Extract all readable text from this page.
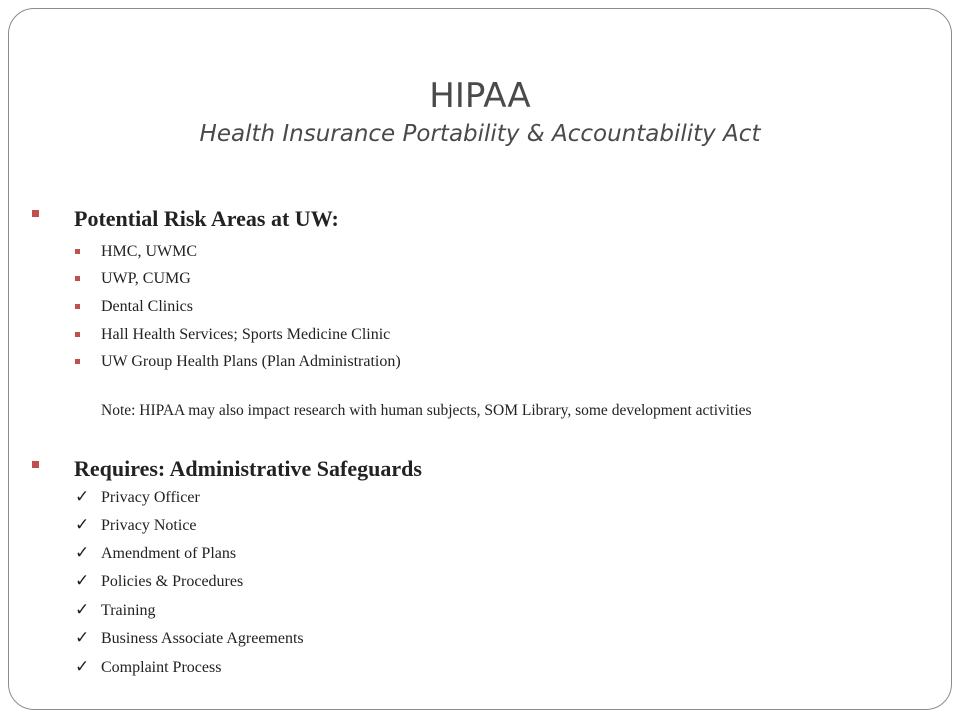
HIPAA
Health Insurance Portability & Accountability Act
Potential Risk Areas at UW:
HMC, UWMC
UWP, CUMG
Dental Clinics
Hall Health Services; Sports Medicine Clinic
UW Group Health Plans (Plan Administration)
Note: HIPAA may also impact research with human subjects, SOM Library, some development activities
Requires: Administrative Safeguards
✓ Privacy Officer
✓ Privacy Notice
✓ Amendment of Plans
✓ Policies & Procedures
✓ Training
✓ Business Associate Agreements
✓ Complaint Process
